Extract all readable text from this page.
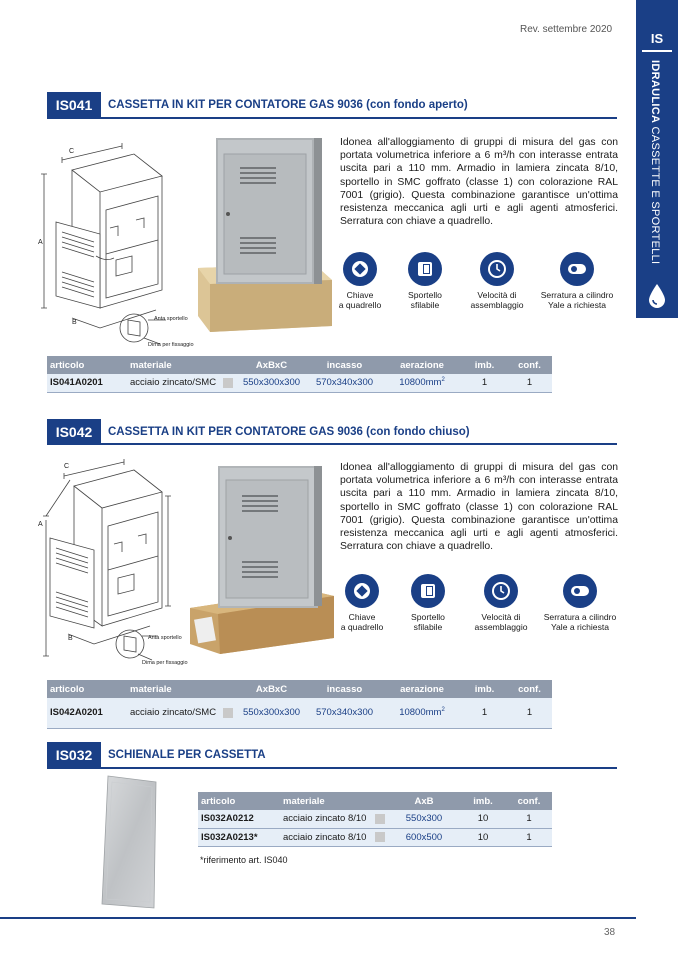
Rev. settembre 2020
IS
IDRAULICA CASSETTE E SPORTELLI
IS041	CASSETTA IN KIT PER CONTATORE GAS 9036 (con fondo aperto)
A
C
B	Anta sportello
Dima per fissaggio
Idonea all'alloggiamento di gruppi di misura del gas con portata volumetrica inferiore a 6 m³/h con interasse entrata uscita pari a 110 mm. Armadio in lamiera zincata 8/10, sportello in SMC goffrato (classe 1) con colorazione RAL 7001 (grigio). Questa combinazione garantisce un'ottima resistenza meccanica agli urti e agli agenti atmosferici. Serratura con chiave a quadrello.
Chiave
a quadrello
Sportello
sfilabile
Velocità di
assemblaggio
Serratura a cilindro
Yale a richiesta
articolo	materiale		AxBxC	incasso	aerazione	imb.	conf.
IS041A0201	acciaio zincato/SMC		550x300x300	570x340x300	$10800mm^2$	1	1
IS042	CASSETTA IN KIT PER CONTATORE GAS 9036 (con fondo chiuso)
A
C
B	Anta sportello
Dima per fissaggio
Idonea all'alloggiamento di gruppi di misura del gas con portata volumetrica inferiore a 6 m³/h con interasse entrata uscita pari a 110 mm. Armadio in lamiera zincata 8/10, sportello in SMC goffrato (classe 1) con colorazione RAL 7001 (grigio). Questa combinazione garantisce un'ottima resistenza meccanica agli urti e agli agenti atmosferici. Serratura con chiave a quadrello.
Chiave
a quadrello
Sportello
sfilabile
Velocità di
assemblaggio
Serratura a cilindro
Yale a richiesta
articolo	materiale		AxBxC	incasso	aerazione	imb.	conf.
IS042A0201	acciaio zincato/SMC		550x300x300	570x340x300	$10800mm^2$	1	1
IS032	SCHIENALE PER CASSETTA
articolo	materiale		AxB	imb.	conf.
IS032A0212	acciaio zincato 8/10		550x300	10	1
IS032A0213*	acciaio zincato 8/10		600x500	10	1
*riferimento art. IS040
38
